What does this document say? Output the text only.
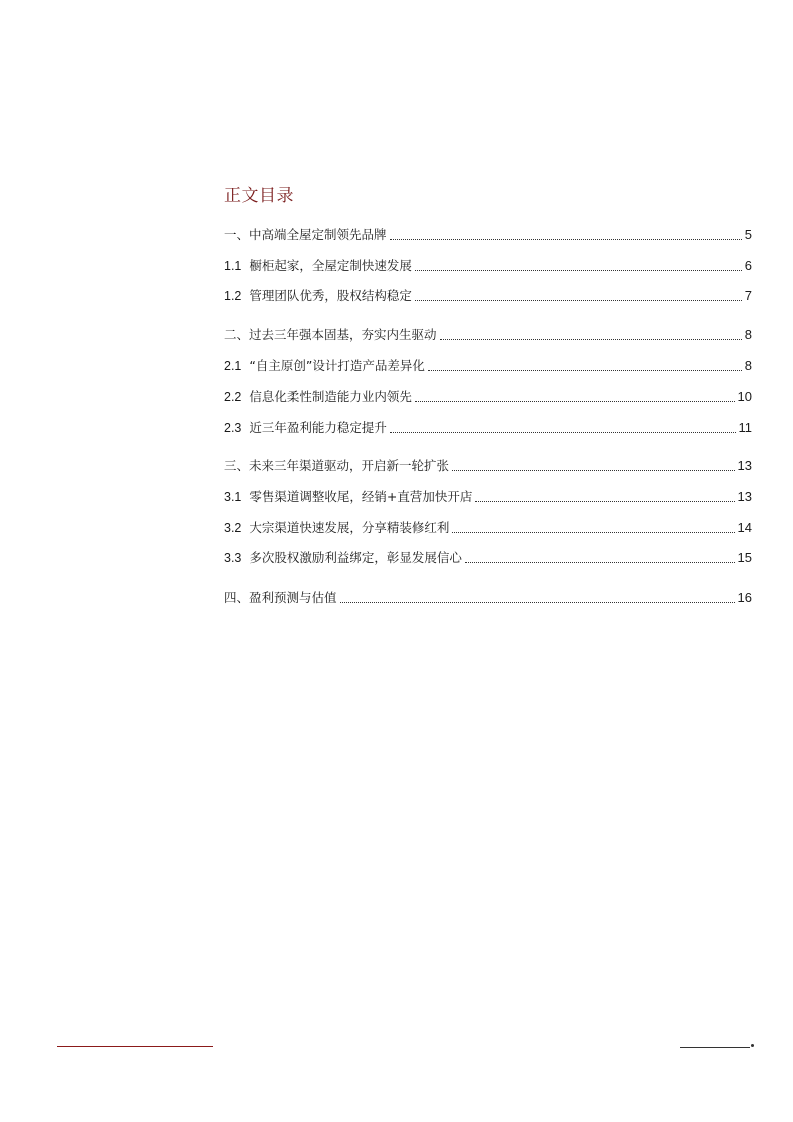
正文目录
一、中高端全屋定制领先品牌	5
1.1 橱柜起家，全屋定制快速发展	6
1.2 管理团队优秀，股权结构稳定	7
二、过去三年强本固基，夯实内生驱动	8
2.1 “自主原创”设计打造产品差异化	8
2.2 信息化柔性制造能力业内领先	10
2.3 近三年盈利能力稳定提升	11
三、未来三年渠道驱动，开启新一轮扩张	13
3.1 零售渠道调整收尾，经销+直营加快开店	13
3.2 大宗渠道快速发展，分享精装修红利	14
3.3 多次股权激励利益绑定，彰显发展信心	15
四、盈利预测与估值	16
